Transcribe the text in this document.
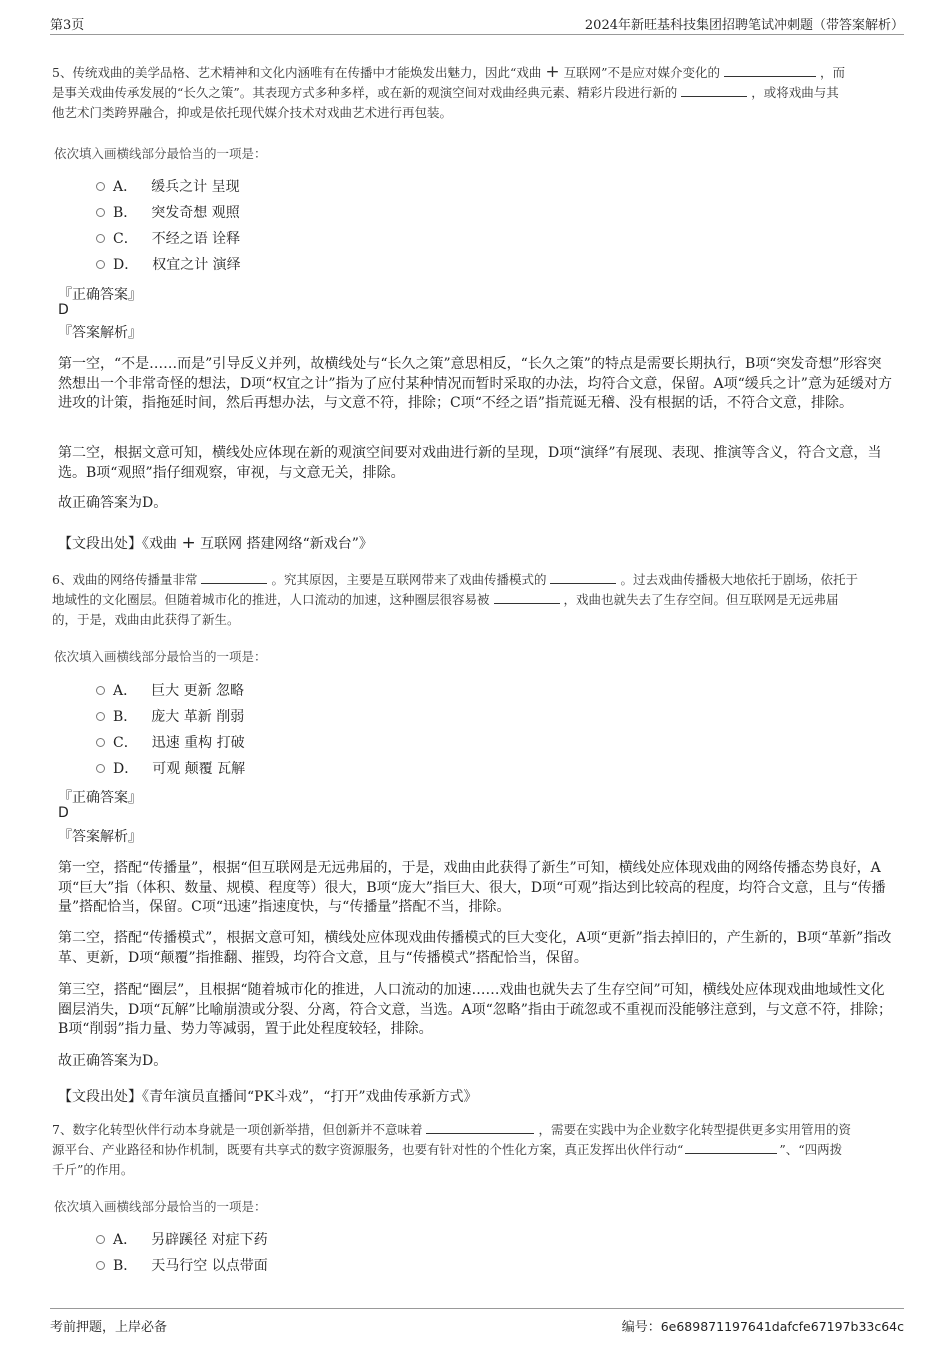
第3页	2024年新旺基科技集团招聘笔试冲刺题（带答案解析）
5、传统戏曲的美学品格、艺术精神和文化内涵唯有在传播中才能焕发出魅力，因此“戏曲 + 互联网”不是应对媒介变化的	，而
是事关戏曲传承发展的“长久之策”。其表现方式多种多样，或在新的观演空间对戏曲经典元素、精彩片段进行新的	，或将戏曲与其
他艺术门类跨界融合，抑或是依托现代媒介技术对戏曲艺术进行再包装。
依次填入画横线部分最恰当的一项是：
A． 缓兵之计 呈现
B． 突发奇想 观照
C． 不经之语 诠释
D． 权宜之计 演绎
『正确答案』
D
『答案解析』
第一空，“不是……而是”引导反义并列，故横线处与“长久之策”意思相反，“长久之策”的特点是需要长期执行，B项“突发奇想”形容突然想出一个非常奇怪的想法，D项“权宜之计”指为了应付某种情况而暂时采取的办法，均符合文意，保留。A项“缓兵之计”意为延缓对方进攻的计策，指拖延时间，然后再想办法，与文意不符，排除；C项“不经之语”指荒诞无稽、没有根据的话，不符合文意，排除。
第二空，根据文意可知，横线处应体现在新的观演空间要对戏曲进行新的呈现，D项“演绎”有展现、表现、推演等含义，符合文意，当选。B项“观照”指仔细观察，审视，与文意无关，排除。
故正确答案为D。
【文段出处】《戏曲 + 互联网 搭建网络“新戏台”》
6、戏曲的网络传播量非常	。究其原因，主要是互联网带来了戏曲传播模式的	。过去戏曲传播极大地依托于剧场，依托于
地域性的文化圈层。但随着城市化的推进，人口流动的加速，这种圈层很容易被	，戏曲也就失去了生存空间。但互联网是无远弗届
的，于是，戏曲由此获得了新生。
依次填入画横线部分最恰当的一项是：
A． 巨大 更新 忽略
B． 庞大 革新 削弱
C． 迅速 重构 打破
D． 可观 颠覆 瓦解
『正确答案』
D
『答案解析』
第一空，搭配“传播量”，根据“但互联网是无远弗届的，于是，戏曲由此获得了新生”可知，横线处应体现戏曲的网络传播态势良好，A项“巨大”指（体积、数量、规模、程度等）很大，B项“庞大”指巨大、很大，D项“可观”指达到比较高的程度，均符合文意，且与“传播量”搭配恰当，保留。C项“迅速”指速度快，与“传播量”搭配不当，排除。
第二空，搭配“传播模式”，根据文意可知，横线处应体现戏曲传播模式的巨大变化，A项“更新”指去掉旧的，产生新的，B项“革新”指改革、更新，D项“颠覆”指推翻、摧毁，均符合文意，且与“传播模式”搭配恰当，保留。
第三空，搭配“圈层”，且根据“随着城市化的推进，人口流动的加速……戏曲也就失去了生存空间”可知，横线处应体现戏曲地域性文化圈层消失，D项“瓦解”比喻崩溃或分裂、分离，符合文意，当选。A项“忽略”指由于疏忽或不重视而没能够注意到，与文意不符，排除；B项“削弱”指力量、势力等减弱，置于此处程度较轻，排除。
故正确答案为D。
【文段出处】《青年演员直播间“PK斗戏”，“打开”戏曲传承新方式》
7、数字化转型伙伴行动本身就是一项创新举措，但创新并不意味着	，需要在实践中为企业数字化转型提供更多实用管用的资
源平台、产业路径和协作机制，既要有共享式的数字资源服务，也要有针对性的个性化方案，真正发挥出伙伴行动“	”、“四两拨
千斤”的作用。
依次填入画横线部分最恰当的一项是：
A． 另辟蹊径 对症下药
B． 天马行空 以点带面
考前押题，上岸必备	编号：6e689871197641dafcfe67197b33c64c
